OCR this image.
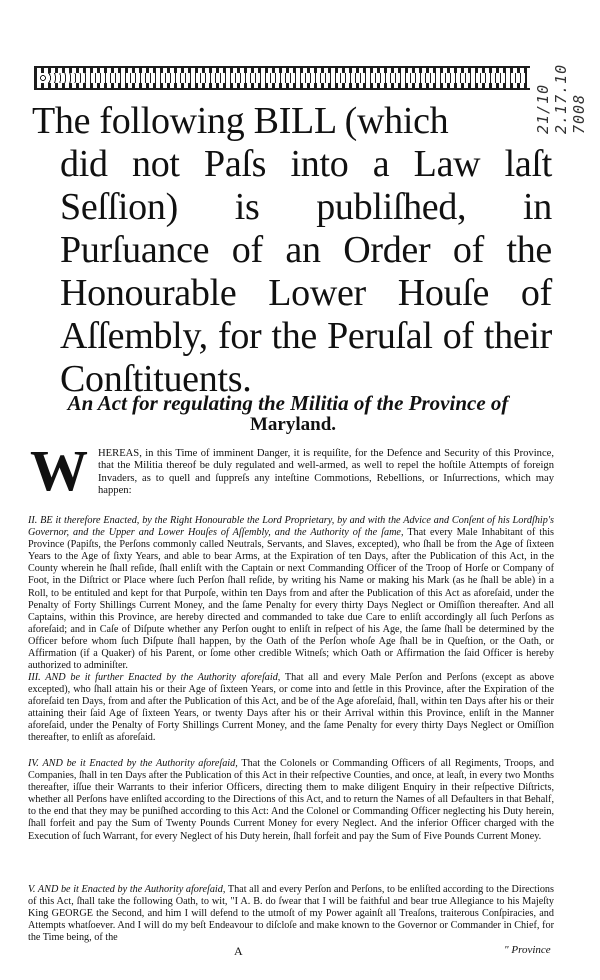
21/10 2.17.10 7008
The following BILL (which
did not Paſs into a Law laſt Seſſion) is publiſhed, in Purſuance of an Order of the Honourable Lower Houſe of Aſſembly, for the Peruſal of their Conſtituents.
An Act for regulating the Militia of the Province of
Maryland.
W HEREAS, in this Time of imminent Danger, it is requiſite, for the Defence and Security of this Province, that the Militia thereof be duly regulated and well-armed, as well to repel the hoſtile Attempts of foreign Invaders, as to quell and ſuppreſs any inteſtine Commotions, Rebellions, or Inſurrections, which may happen:

II. BE it therefore Enacted, by the Right Honourable the Lord Proprietary, by and with the Advice and Conſent of his Lordſhip's Governor, and the Upper and Lower Houſes of Aſſembly, and the Authority of the ſame, That every Male Inhabitant of this Province (Papiſts, the Perſons commonly called Neutrals, Servants, and Slaves, excepted), who ſhall be from the Age of ſixteen Years to the Age of ſixty Years, and able to bear Arms, at the Expiration of ten Days, after the Publication of this Act, in the County wherein he ſhall reſide, ſhall enliſt with the Captain or next Commanding Officer of the Troop of Horſe or Company of Foot, in the Diſtrict or Place where ſuch Perſon ſhall reſide, by writing his Name or making his Mark (as he ſhall be able) in a Roll, to be entituled and kept for that Purpoſe, within ten Days from and after the Publication of this Act as aforeſaid, under the Penalty of Forty Shillings Current Money, and the ſame Penalty for every thirty Days Neglect or Omiſſion thereafter. And all Captains, within this Province, are hereby directed and commanded to take due Care to enliſt accordingly all ſuch Perſons as aforeſaid; and in Caſe of Diſpute whether any Perſon ought to enliſt in reſpect of his Age, the ſame ſhall be determined by the Officer before whom ſuch Diſpute ſhall happen, by the Oath of the Perſon whoſe Age ſhall be in Queſtion, or the Oath, or Affirmation (if a Quaker) of his Parent, or ſome other credible Witneſs; which Oath or Affirmation the ſaid Officer is hereby authorized to adminiſter.

III. AND be it further Enacted by the Authority aforeſaid, That all and every Male Perſon and Perſons (except as above excepted), who ſhall attain his or their Age of ſixteen Years, or come into and ſettle in this Province, after the Expiration of the aforeſaid ten Days, from and after the Publication of this Act, and be of the Age aforeſaid, ſhall, within ten Days after his or their attaining their ſaid Age of ſixteen Years, or twenty Days after his or their Arrival within this Province, enliſt in the Manner aforeſaid, under the Penalty of Forty Shillings Current Money, and the ſame Penalty for every thirty Days Neglect or Omiſſion thereafter, to enliſt as aforeſaid.

IV. AND be it Enacted by the Authority aforeſaid, That the Colonels or Commanding Officers of all Regiments, Troops, and Companies, ſhall in ten Days after the Publication of this Act in their reſpective Counties, and once, at leaſt, in every two Months thereafter, iſſue their Warrants to their inferior Officers, directing them to make diligent Enquiry in their reſpective Diſtricts, whether all Perſons have enliſted according to the Directions of this Act, and to return the Names of all Defaulters in that Behalf, to the end that they may be puniſhed according to this Act: And the Colonel or Commanding Officer neglecting his Duty herein, ſhall forfeit and pay the Sum of Twenty Pounds Current Money for every Neglect. And the inferior Officer charged with the Execution of ſuch Warrant, for every Neglect of his Duty herein, ſhall forfeit and pay the Sum of Five Pounds Current Money.

V. AND be it Enacted by the Authority aforeſaid, That all and every Perſon and Perſons, to be enliſted according to the Directions of this Act, ſhall take the following Oath, to wit, "I A. B. do ſwear that I will be faithful and bear true Allegiance to his Majeſty King GEORGE the Second, and him I will defend to the utmoſt of my Power againſt all Treaſons, traiterous Conſpiracies, and Attempts whatſoever. And I will do my beſt Endeavour to diſcloſe and make known to the Governor or Commander in Chief, for the Time being, of the

A	" Province
